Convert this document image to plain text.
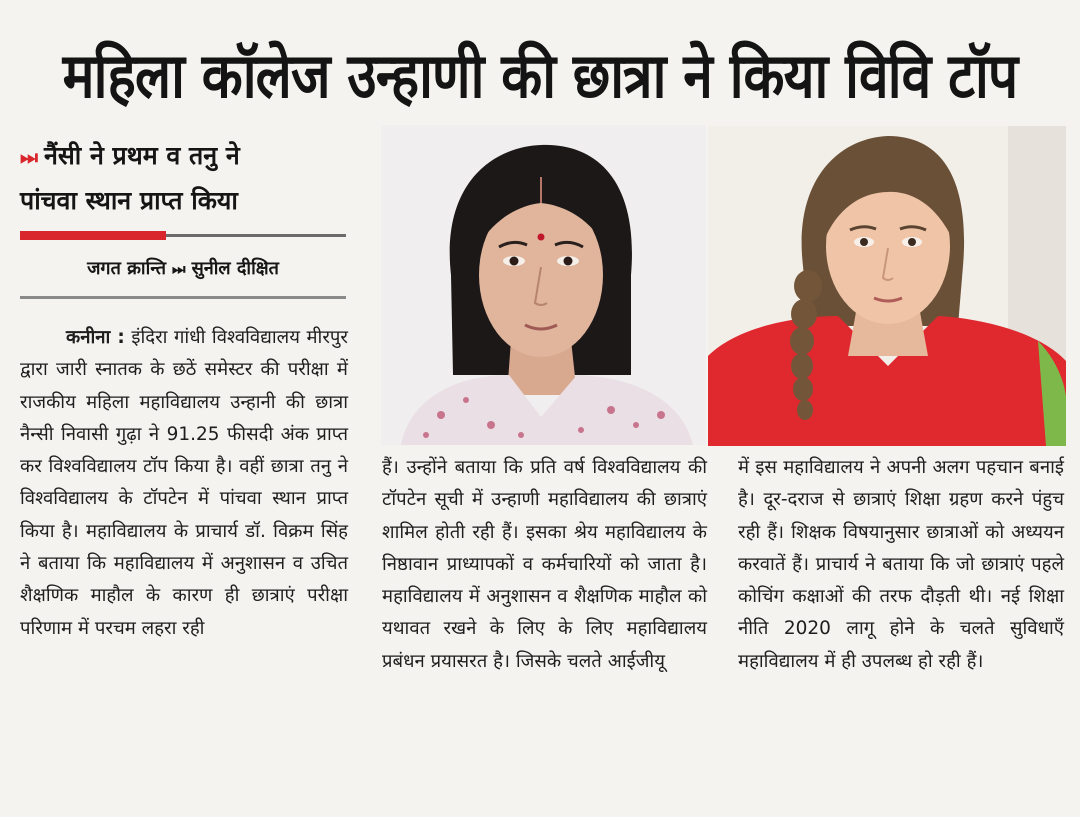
महिला कॉलेज उन्हाणी की छात्रा ने किया विवि टॉप
⏭ नैंसी ने प्रथम व तनु ने
पांचवा स्थान प्राप्त किया
जगत क्रान्ति ⏭ सुनील दीक्षित

कनीना : इंदिरा गांधी विश्वविद्यालय मीरपुर द्वारा जारी स्नातक के छठें समेस्टर की परीक्षा में राजकीय महिला महाविद्यालय उन्हानी की छात्रा नैन्सी निवासी गुढ़ा ने 91.25 फीसदी अंक प्राप्त कर विश्वविद्यालय टॉप किया है। वहीं छात्रा तनु ने विश्वविद्यालय के टॉपटेन में पांचवा स्थान प्राप्त किया है। महाविद्यालय के प्राचार्य डॉ. विक्रम सिंह ने बताया कि महाविद्यालय में अनुशासन व उचित शैक्षणिक माहौल के कारण ही छात्राएं परीक्षा परिणाम में परचम लहरा रही

हैं। उन्होंने बताया कि प्रति वर्ष विश्वविद्यालय की टॉपटेन सूची में उन्हाणी महाविद्यालय की छात्राएं शामिल होती रही हैं। इसका श्रेय महाविद्यालय के निष्ठावान प्राध्यापकों व कर्मचारियों को जाता है। महाविद्यालय में अनुशासन व शैक्षणिक माहौल को यथावत रखने के लिए के लिए महाविद्यालय प्रबंधन प्रयासरत है। जिसके चलते आईजीयू

में इस महाविद्यालय ने अपनी अलग पहचान बनाई है। दूर-दराज से छात्राएं शिक्षा ग्रहण करने पंहुच रही हैं। शिक्षक विषयानुसार छात्राओं को अध्ययन करवातें हैं। प्राचार्य ने बताया कि जो छात्राएं पहले कोचिंग कक्षाओं की तरफ दौड़ती थी। नई शिक्षा नीति 2020 लागू होने के चलते सुविधाएँ महाविद्यालय में ही उपलब्ध हो रही हैं।
